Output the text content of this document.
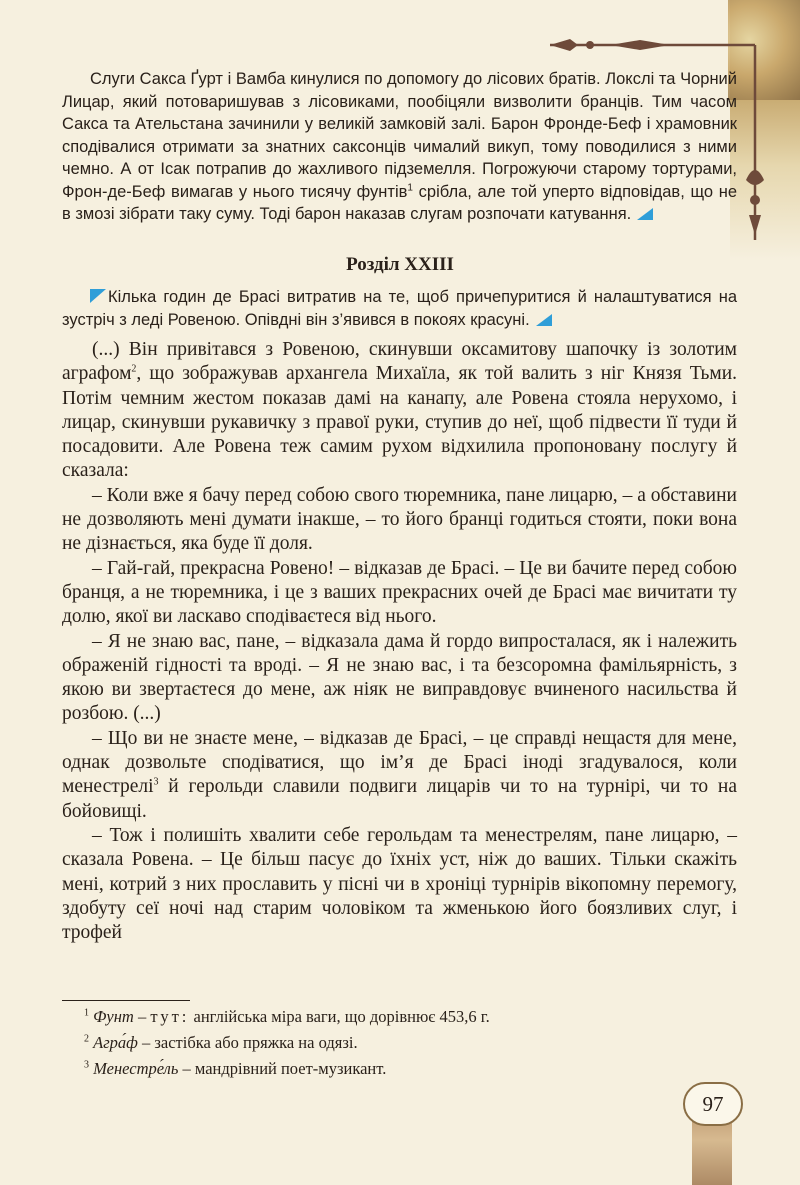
Слуги Сакса Ґурт і Вамба кинулися по допомогу до лісових братів. Локслі та Чорний Лицар, який потоваришував з лісовиками, пообіцяли визволити бранців. Тим часом Сакса та Ательстана зачинили у великій замковій залі. Барон Фронде-Беф і храмовник сподівалися отримати за знатних саксонців чималий викуп, тому поводилися з ними чемно. А от Ісак потрапив до жахливого підземелля. Погрожуючи старому тортурами, Фрон-де-Беф вимагав у нього тисячу фунтів$^1$ срібла, але той уперто відповідав, що не в змозі зібрати таку суму. Тоді барон наказав слугам розпочати катування.

Розділ XXIII

Кілька годин де Брасі витратив на те, щоб причепуритися й налаштуватися на зустріч з леді Ровеною. Опівдні він з’явився в покоях красуні.

(...) Він привітався з Ровеною, скинувши оксамитову шапочку із золотим аграфом$^2$, що зображував архангела Михаїла, як той валить з ніг Князя Тьми. Потім чемним жестом показав дамі на канапу, але Ровена стояла нерухомо, і лицар, скинувши рукавичку з правої руки, ступив до неї, щоб підвести її туди й посадовити. Але Ровена теж самим рухом відхилила пропоновану послугу й сказала:

– Коли вже я бачу перед собою свого тюремника, пане лицарю, – а обставини не дозволяють мені думати інакше, – то його бранці годиться стояти, поки вона не дізнається, яка буде її доля.

– Гай-гай, прекрасна Ровено! – відказав де Брасі. – Це ви бачите перед собою бранця, а не тюремника, і це з ваших прекрасних очей де Брасі має вичитати ту долю, якої ви ласкаво сподіваєтеся від нього.

– Я не знаю вас, пане, – відказала дама й гордо випросталася, як і належить ображеній гідності та вроді. – Я не знаю вас, і та безсоромна фамільярність, з якою ви звертаєтеся до мене, аж ніяк не виправдовує вчиненого насильства й розбою. (...)

– Що ви не знаєте мене, – відказав де Брасі, – це справді нещастя для мене, однак дозвольте сподіватися, що ім’я де Брасі іноді згадувалося, коли менестрелі$^3$ й герольди славили подвиги лицарів чи то на турнірі, чи то на бойовищі.

– Тож і полишіть хвалити себе герольдам та менестрелям, пане лицарю, – сказала Ровена. – Це більш пасує до їхніх уст, ніж до ваших. Тільки скажіть мені, котрий з них прославить у пісні чи в хроніці турнірів вікопомну перемогу, здобуту сеї ночі над старим чоловіком та жменькою його боязливих слуг, і трофей

$^1$ Фунт – тут: англійська міра ваги, що дорівнює 453,6 г.

$^2$ Агра́ф – застібка або пряжка на одязі.

$^3$ Менестре́ль – мандрівний поет-музикант.

97
